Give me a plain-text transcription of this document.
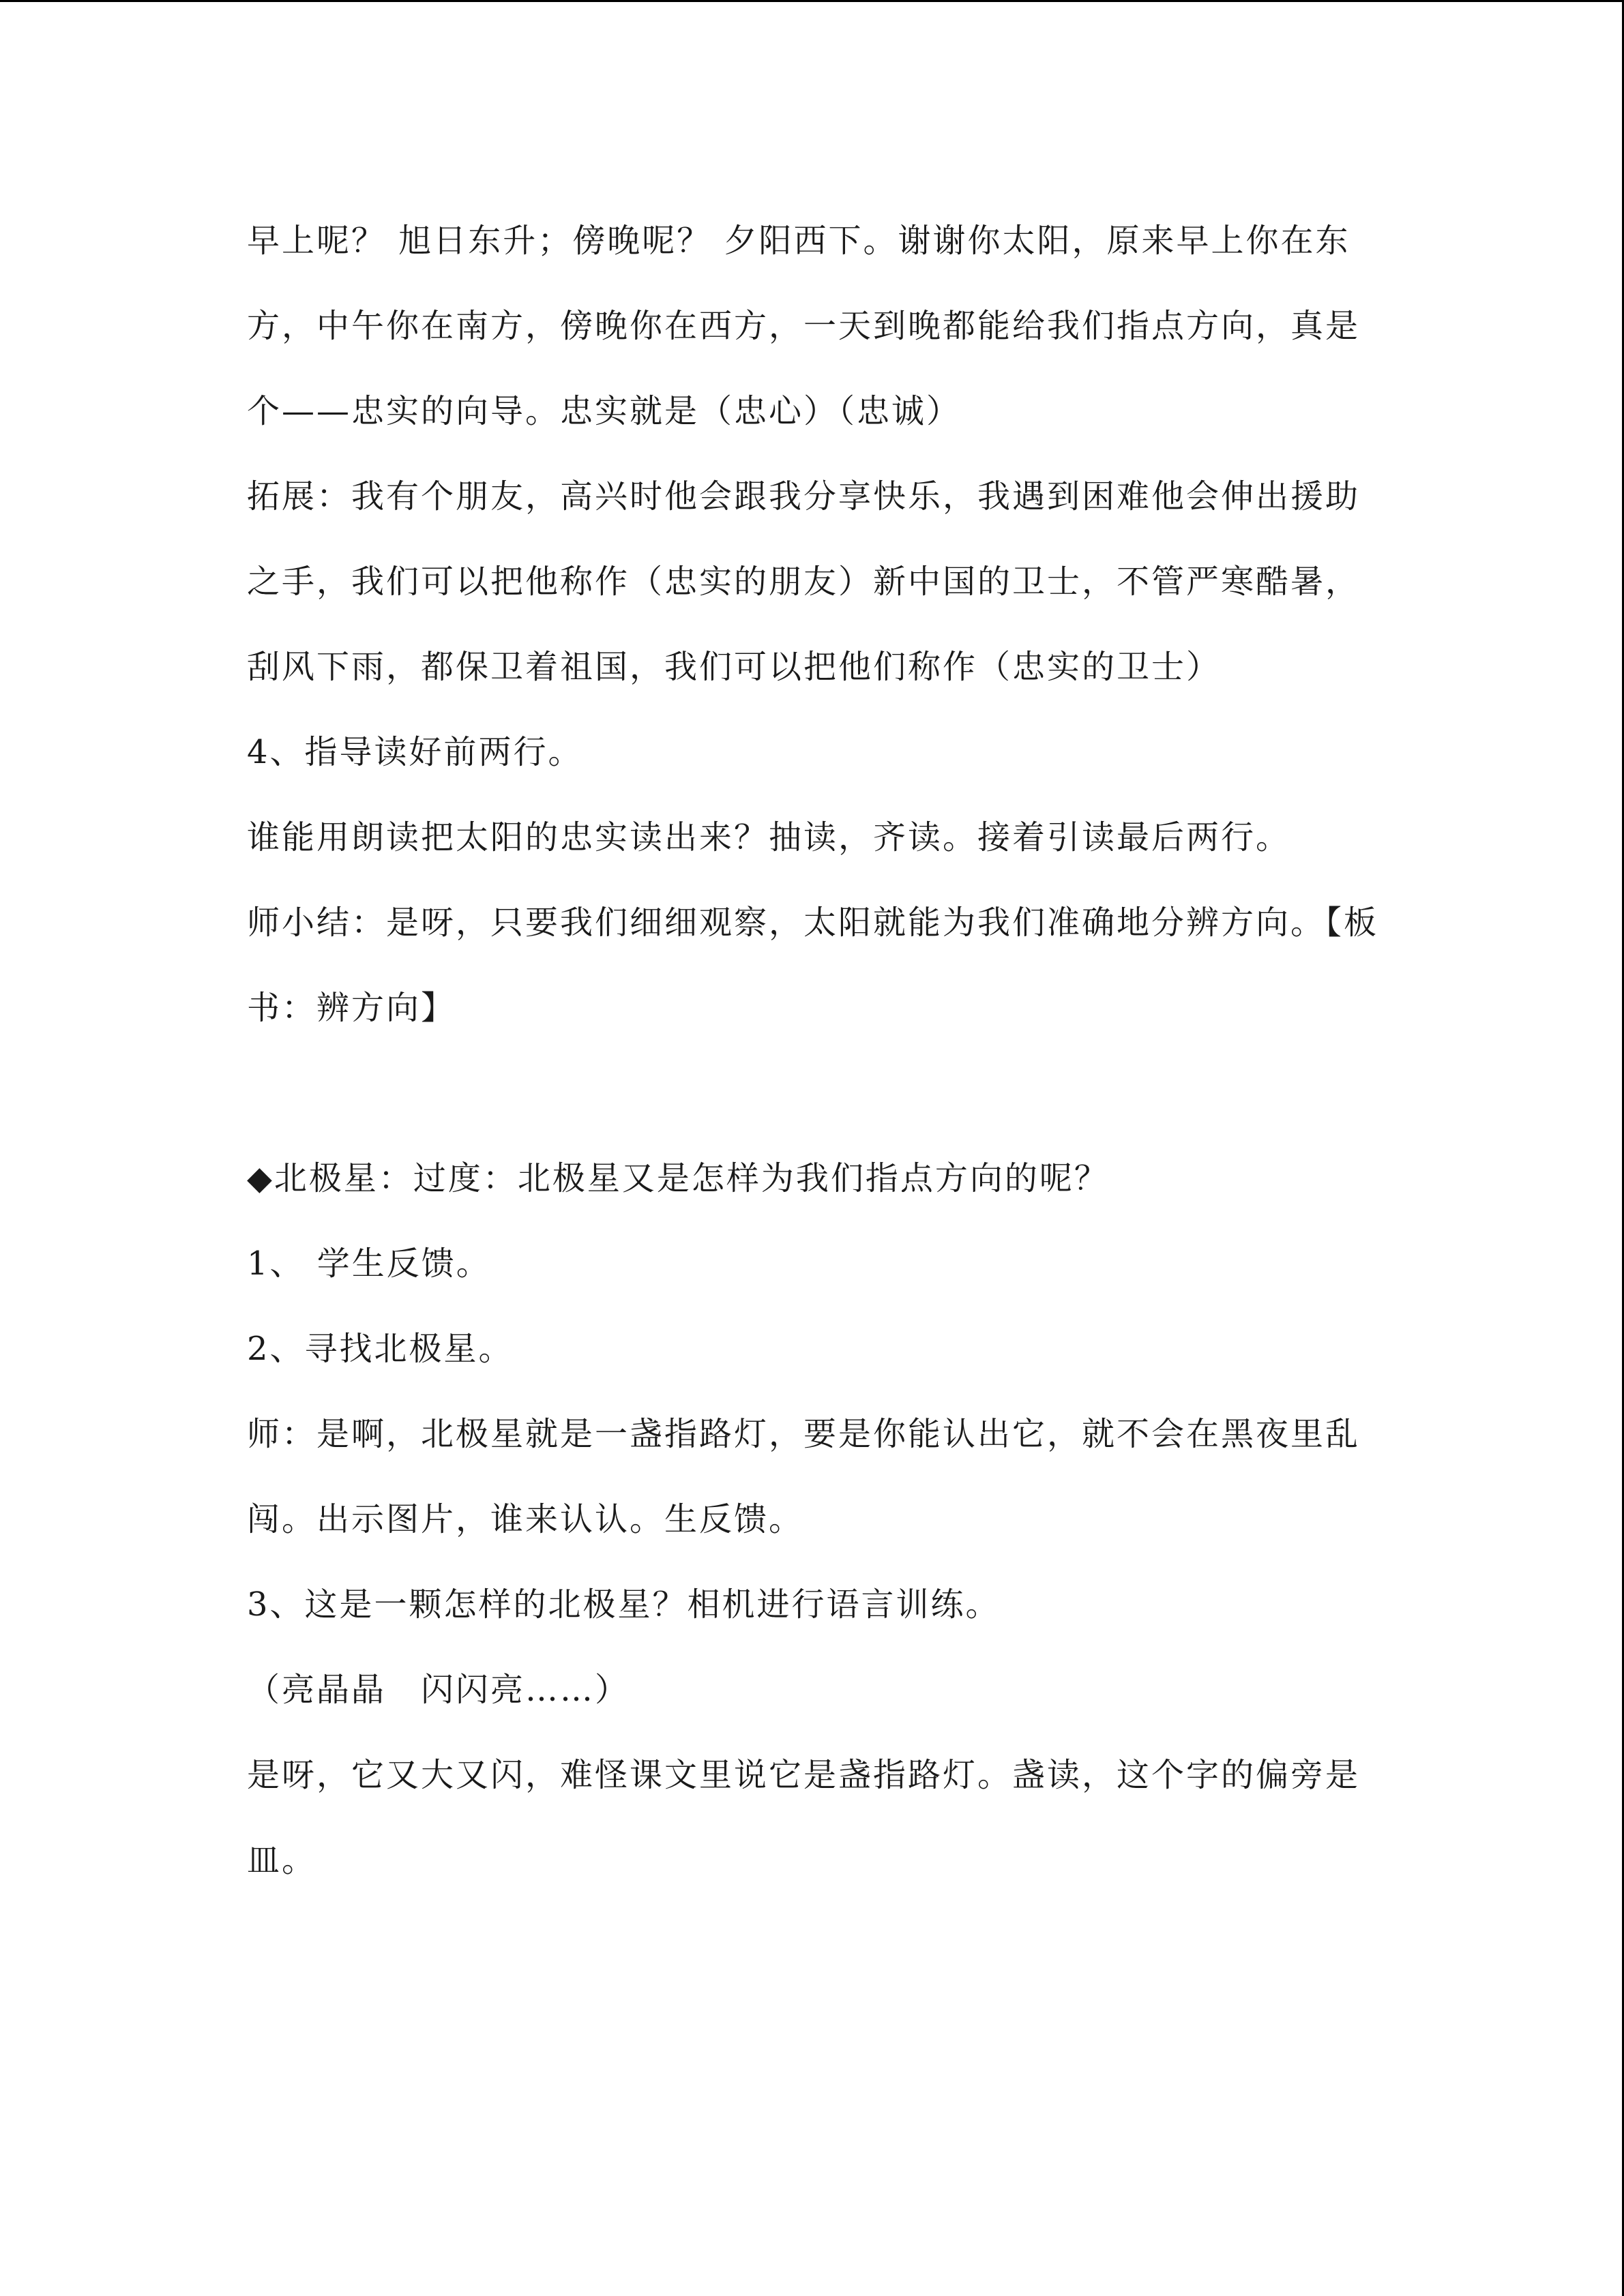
早上呢？ 旭日东升；傍晚呢？ 夕阳西下。谢谢你太阳，原来早上你在东方，中午你在南方，傍晚你在西方，一天到晚都能给我们指点方向，真是个——忠实的向导。忠实就是（忠心）（忠诚）

拓展：我有个朋友，高兴时他会跟我分享快乐，我遇到困难他会伸出援助之手，我们可以把他称作（忠实的朋友）新中国的卫士，不管严寒酷暑，刮风下雨，都保卫着祖国，我们可以把他们称作（忠实的卫士）

4、指导读好前两行。

谁能用朗读把太阳的忠实读出来？抽读，齐读。接着引读最后两行。

师小结：是呀，只要我们细细观察，太阳就能为我们准确地分辨方向。【板书：辨方向】

◆北极星：过度：北极星又是怎样为我们指点方向的呢？

1、 学生反馈。

2、寻找北极星。

师：是啊，北极星就是一盏指路灯，要是你能认出它，就不会在黑夜里乱闯。出示图片，谁来认认。生反馈。

3、这是一颗怎样的北极星？相机进行语言训练。

（亮晶晶　闪闪亮……）

是呀，它又大又闪，难怪课文里说它是盏指路灯。盏读，这个字的偏旁是皿。
